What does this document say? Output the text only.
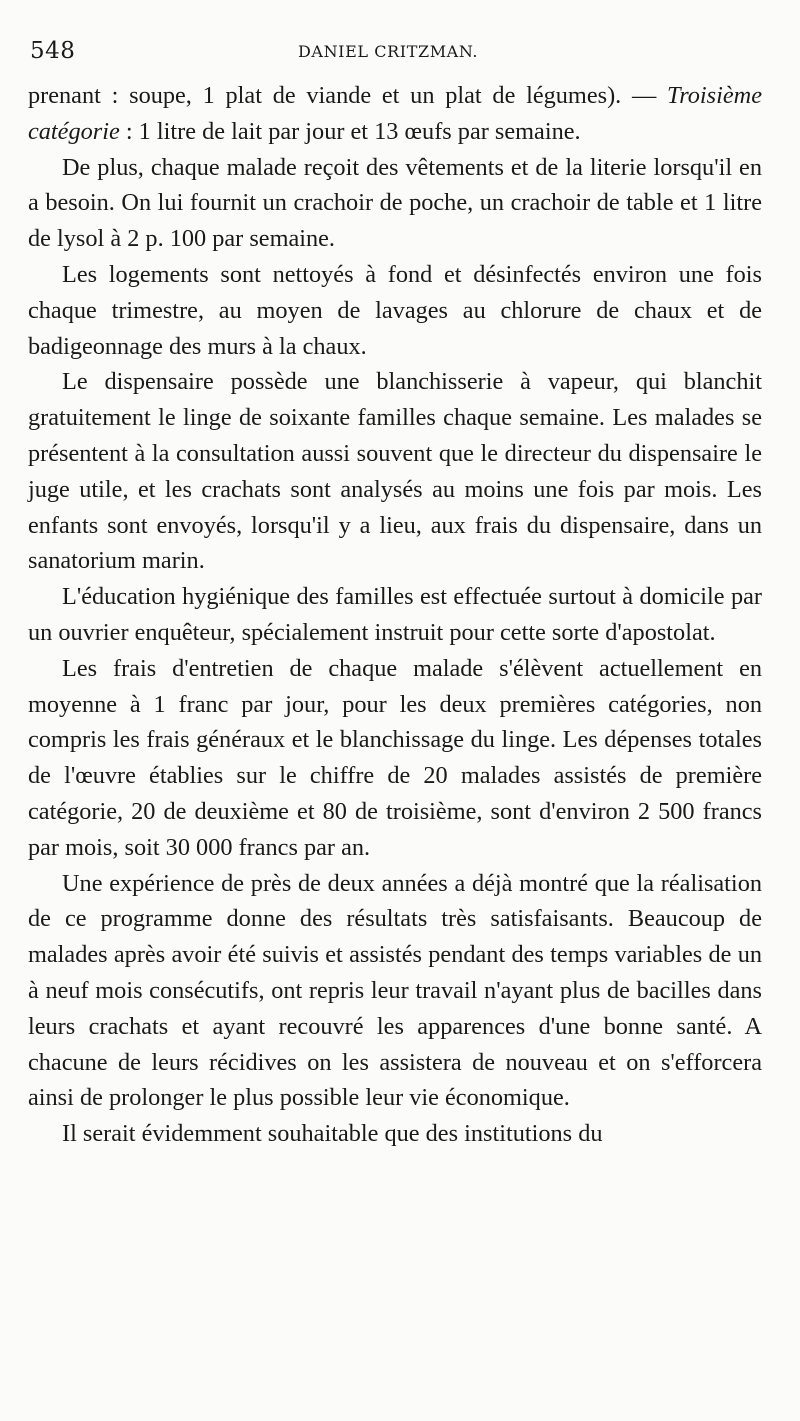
548	DANIEL CRITZMAN.

prenant : soupe, 1 plat de viande et un plat de légumes). — Troisième catégorie : 1 litre de lait par jour et 13 œufs par semaine.

De plus, chaque malade reçoit des vêtements et de la literie lorsqu'il en a besoin. On lui fournit un crachoir de poche, un crachoir de table et 1 litre de lysol à 2 p. 100 par semaine.

Les logements sont nettoyés à fond et désinfectés environ une fois chaque trimestre, au moyen de lavages au chlorure de chaux et de badigeonnage des murs à la chaux.

Le dispensaire possède une blanchisserie à vapeur, qui blanchit gratuitement le linge de soixante familles chaque semaine. Les malades se présentent à la consultation aussi souvent que le directeur du dispensaire le juge utile, et les crachats sont analysés au moins une fois par mois. Les enfants sont envoyés, lorsqu'il y a lieu, aux frais du dispensaire, dans un sanatorium marin.

L'éducation hygiénique des familles est effectuée surtout à domicile par un ouvrier enquêteur, spécialement instruit pour cette sorte d'apostolat.

Les frais d'entretien de chaque malade s'élèvent actuellement en moyenne à 1 franc par jour, pour les deux premières catégories, non compris les frais généraux et le blanchissage du linge. Les dépenses totales de l'œuvre établies sur le chiffre de 20 malades assistés de première catégorie, 20 de deuxième et 80 de troisième, sont d'environ 2 500 francs par mois, soit 30 000 francs par an.

Une expérience de près de deux années a déjà montré que la réalisation de ce programme donne des résultats très satisfaisants. Beaucoup de malades après avoir été suivis et assistés pendant des temps variables de un à neuf mois consécutifs, ont repris leur travail n'ayant plus de bacilles dans leurs crachats et ayant recouvré les apparences d'une bonne santé. A chacune de leurs récidives on les assistera de nouveau et on s'efforcera ainsi de prolonger le plus possible leur vie économique.

Il serait évidemment souhaitable que des institutions du
